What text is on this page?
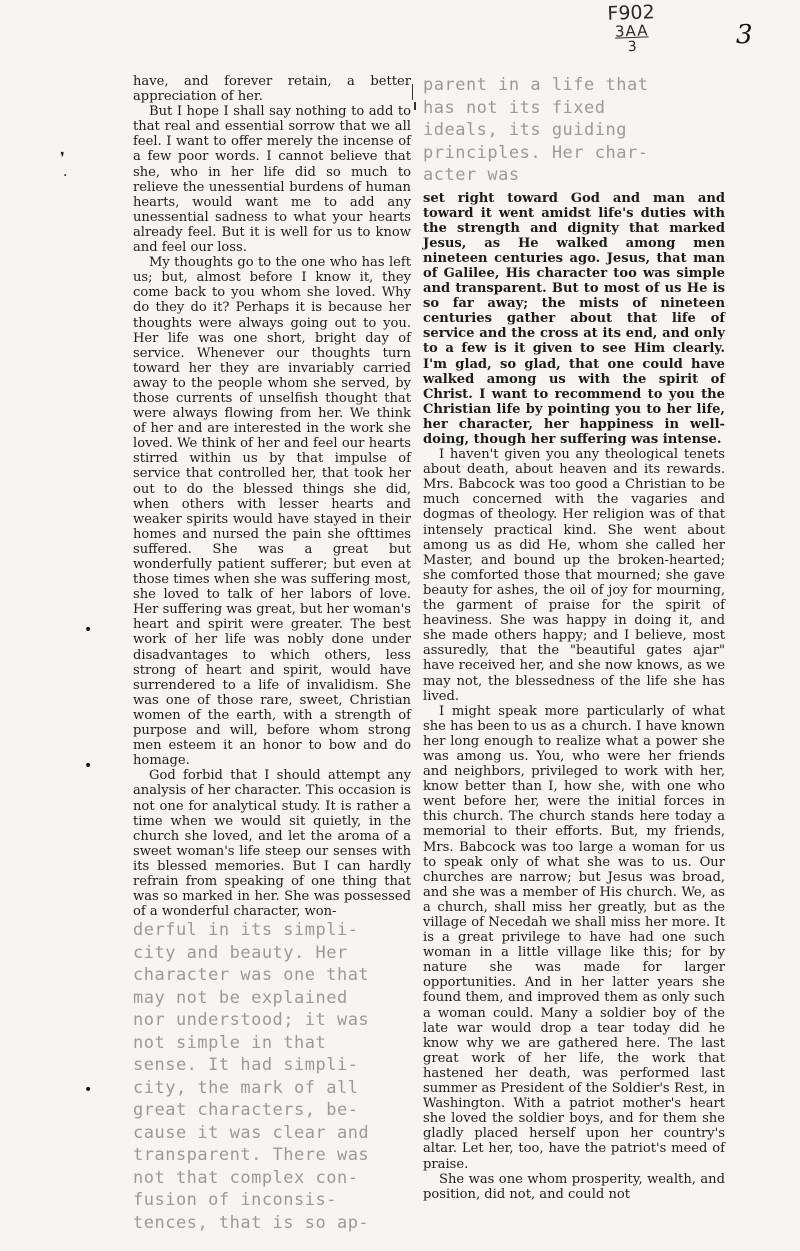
F902
3AA
3	3
❜
·
•
•
•

have, and forever retain, a better appreciation of her.

But I hope I shall say nothing to add to that real and essential sorrow that we all feel. I want to offer merely the incense of a few poor words. I cannot believe that she, who in her life did so much to relieve the unessential burdens of human hearts, would want me to add any unessential sadness to what your hearts already feel. But it is well for us to know and feel our loss.

My thoughts go to the one who has left us; but, almost before I know it, they come back to you whom she loved. Why do they do it? Perhaps it is because her thoughts were always going out to you. Her life was one short, bright day of service. Whenever our thoughts turn toward her they are invariably carried away to the people whom she served, by those currents of unselfish thought that were always flowing from her. We think of her and are interested in the work she loved. We think of her and feel our hearts stirred within us by that impulse of service that controlled her, that took her out to do the blessed things she did, when others with lesser hearts and weaker spirits would have stayed in their homes and nursed the pain she ofttimes suffered. She was a great but wonderfully patient sufferer; but even at those times when she was suffering most, she loved to talk of her labors of love. Her suffering was great, but her woman's heart and spirit were greater. The best work of her life was nobly done under disadvantages to which others, less strong of heart and spirit, would have surrendered to a life of invalidism. She was one of those rare, sweet, Christian women of the earth, with a strength of purpose and will, before whom strong men esteem it an honor to bow and do homage.

God forbid that I should attempt any analysis of her character. This occasion is not one for analytical study. It is rather a time when we would sit quietly, in the church she loved, and let the aroma of a sweet woman's life steep our senses with its blessed memories. But I can hardly refrain from speaking of one thing that was so marked in her. She was possessed of a wonderful character, won-

derful in its simpli-
city and beauty. Her
character was one that
may not be explained
nor understood; it was
not simple in that
sense. It had simpli-
city, the mark of all
great characters, be-
cause it was clear and
transparent. There was
not that complex con-
fusion of inconsis-
tences, that is so ap-
parent in a life that
has not its fixed
ideals, its guiding
principles. Her char-
acter was

set right toward God and man and toward it went amidst life's duties with the strength and dignity that marked Jesus, as He walked among men nineteen centuries ago. Jesus, that man of Galilee, His character too was simple and transparent. But to most of us He is so far away; the mists of nineteen centuries gather about that life of service and the cross at its end, and only to a few is it given to see Him clearly. I'm glad, so glad, that one could have walked among us with the spirit of Christ. I want to recommend to you the Christian life by pointing you to her life, her character, her happiness in well-doing, though her suffering was intense.

I haven't given you any theological tenets about death, about heaven and its rewards. Mrs. Babcock was too good a Christian to be much concerned with the vagaries and dogmas of theology. Her religion was of that intensely practical kind. She went about among us as did He, whom she called her Master, and bound up the broken-hearted; she comforted those that mourned; she gave beauty for ashes, the oil of joy for mourning, the garment of praise for the spirit of heaviness. She was happy in doing it, and she made others happy; and I believe, most assuredly, that the "beautiful gates ajar" have received her, and she now knows, as we may not, the blessedness of the life she has lived.

I might speak more particularly of what she has been to us as a church. I have known her long enough to realize what a power she was among us. You, who were her friends and neighbors, privileged to work with her, know better than I, how she, with one who went before her, were the initial forces in this church. The church stands here today a memorial to their efforts. But, my friends, Mrs. Babcock was too large a woman for us to speak only of what she was to us. Our churches are narrow; but Jesus was broad, and she was a member of His church. We, as a church, shall miss her greatly, but as the village of Necedah we shall miss her more. It is a great privilege to have had one such woman in a little village like this; for by nature she was made for larger opportunities. And in her latter years she found them, and improved them as only such a woman could. Many a soldier boy of the late war would drop a tear today did he know why we are gathered here. The last great work of her life, the work that hastened her death, was performed last summer as President of the Soldier's Rest, in Washington. With a patriot mother's heart she loved the soldier boys, and for them she gladly placed herself upon her country's altar. Let her, too, have the patriot's meed of praise.

She was one whom prosperity, wealth, and position, did not, and could not
